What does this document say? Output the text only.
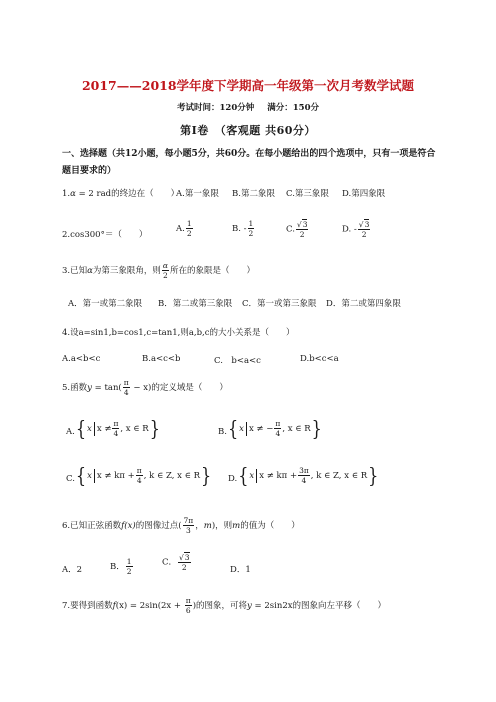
2017——2018学年度下学期高一年级第一次月考数学试题
考试时间：120分钟 满分：150分
第Ⅰ卷　（客观题 共60分）
一、选择题（共12小题，每小题5分，共60分。在每小题给出的四个选项中，只有一项是符合题目要求的）
1.α = 2 rad的终边在（　　）
A.第一象限 B.第二象限 C.第三象限 D.第四象限
2.cos300°＝（　　）
A. $\frac{1}{2}$	B. - $\frac{1}{2}$	C. $\frac{√3}{2}$	D. - $\frac{√3}{2}$
3.已知α为第三象限角，则 $\frac{\alpha}{2}$ 所在的象限是（　　）
A．第一或第二象限 B．第二或第三象限 C．第一或第三象限 D．第二或第四象限
4.设a=sin1,b=cos1,c=tan1,则a,b,c的大小关系是（　　）
A.a<b<c	B.a<c<b	C.　b<a<c	D.b<c<a
5.函数$y = \tan( \frac{\pi}{4} - x)$的定义域是（　　）
A. { x $x \ne \frac{\pi}{4}$ , x ∈ R }	B. { x x ≠ − $\frac{\pi}{4}$ , x ∈ R }
C. { x $x \ne k\pi + \frac{\pi}{4}$ , k ∈ Z, x ∈ R } D. { x $x \ne k\pi + \frac{3\pi}{4}$ , k ∈ Z, x ∈ R }
6.已知正弦函数f(x)的图像过点( $\frac{7\pi}{3}$ ，m)，则m的值为（　　）
A．2	B． $\frac{1}{2}$	C． $\frac{√3}{2}$	D．1
7.要得到函数$f(x) = 2\sin(2x + \frac{\pi}{6}$ )的图象，可将y = 2sin2x的图象向左平移（　　）
